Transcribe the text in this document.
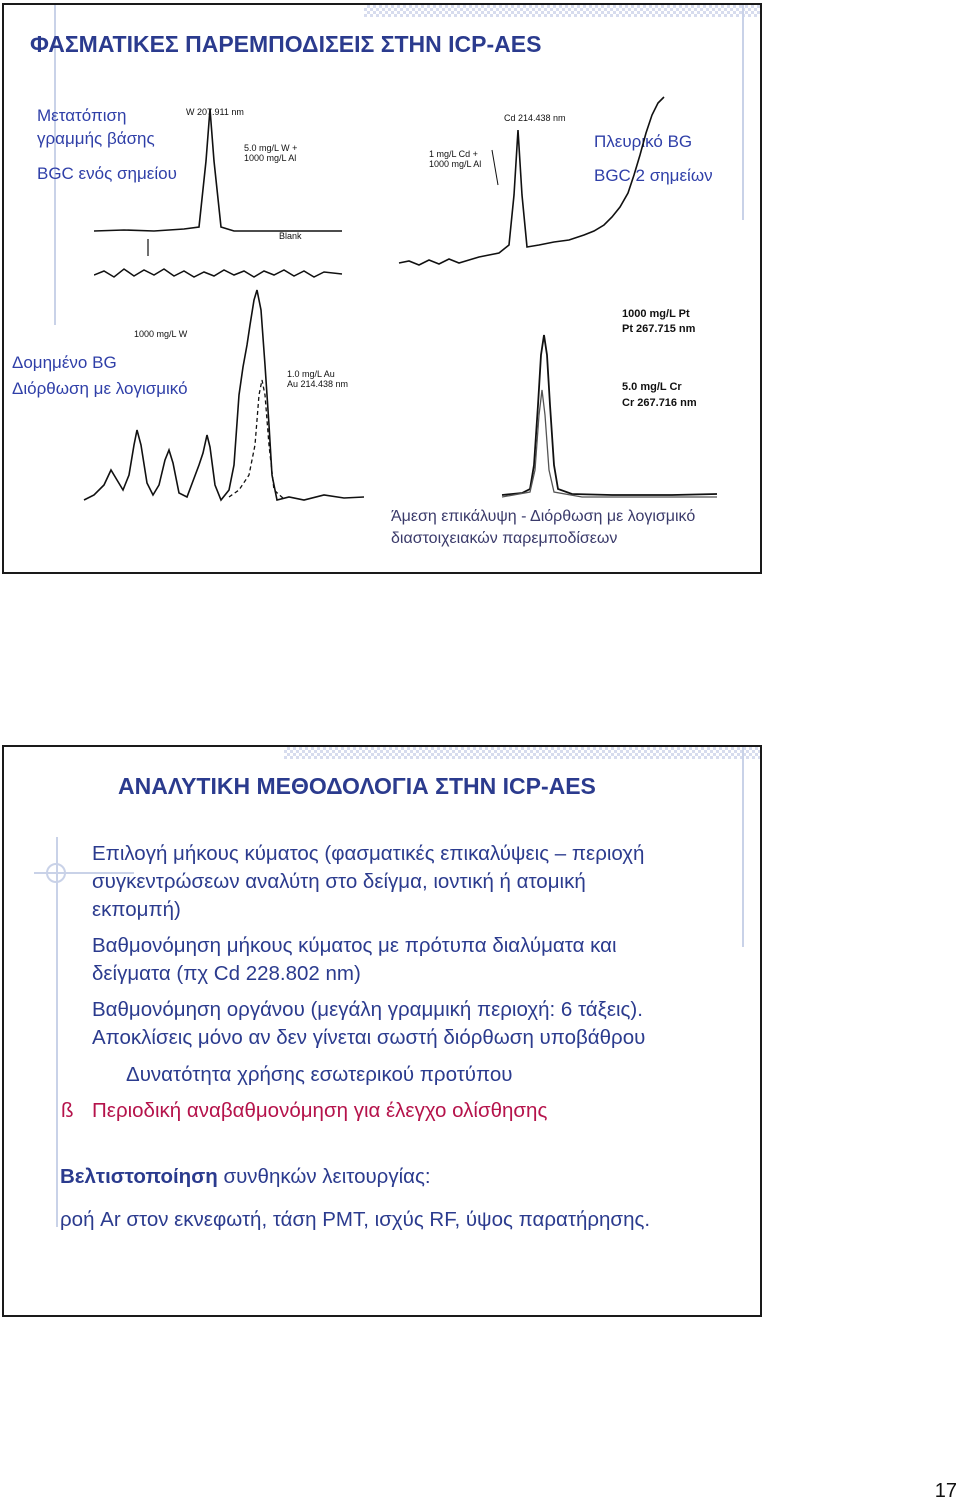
ΦΑΣΜΑΤΙΚΕΣ ΠΑΡΕΜΠΟΔΙΣΕΙΣ ΣΤΗΝ ICP-AES
Μετατόπιση
γραμμής βάσης
BGC ενός σημείου
Πλευρικό BG
BGC 2 σημείων
Δομημένο BG
Διόρθωση με λογισμικό
Άμεση επικάλυψη - Διόρθωση με λογισμικό
διαστοιχειακών παρεμποδίσεων
W 207.911 nm
5.0 mg/L W +
1000 mg/L Al
Blank
Cd 214.438 nm
1 mg/L Cd +
1000 mg/L Al
1000 mg/L W
1.0 mg/L Au
Au 214.438 nm
1000 mg/L Pt
Pt 267.715 nm
5.0 mg/L Cr
Cr 267.716 nm
ΑΝΑΛΥΤΙΚΗ ΜΕΘΟΔΟΛΟΓΙΑ ΣΤΗΝ ICP-AES
Επιλογή μήκους κύματος (φασματικές επικαλύψεις – περιοχή
συγκεντρώσεων αναλύτη στο δείγμα, ιοντική ή ατομική
εκπομπή)
Βαθμονόμηση μήκους κύματος με πρότυπα διαλύματα και
δείγματα (πχ Cd 228.802 nm)
Βαθμονόμηση οργάνου (μεγάλη γραμμική περιοχή: 6 τάξεις).
Αποκλίσεις μόνο αν δεν γίνεται σωστή διόρθωση υποβάθρου
Δυνατότητα χρήσης εσωτερικού προτύπου
ß Περιοδική αναβαθμονόμηση για έλεγχο ολίσθησης
Βελτιστοποίηση συνθηκών λειτουργίας:
ροή Ar στον εκνεφωτή, τάση PMT, ισχύς RF, ύψος παρατήρησης.
17
